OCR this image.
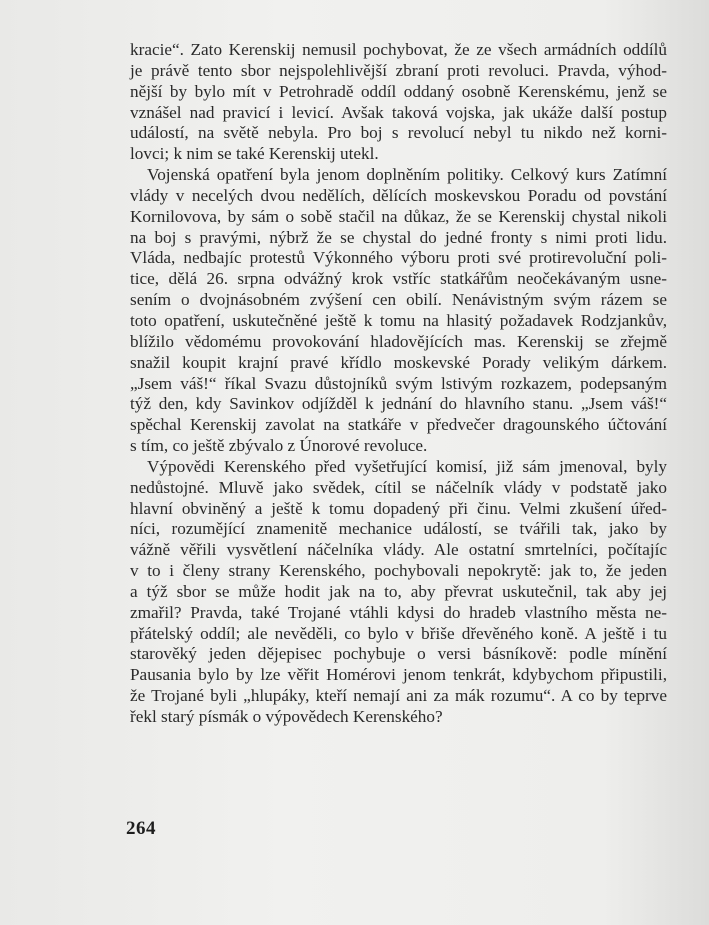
kracie“. Zato Kerenskij nemusil pochybovat, že ze všech armádních oddílů
je právě tento sbor nejspolehlivější zbraní proti revoluci. Pravda, výhod-
nější by bylo mít v Petrohradě oddíl oddaný osobně Kerenskému, jenž se
vznášel nad pravicí i levicí. Avšak taková vojska, jak ukáže další postup
událostí, na světě nebyla. Pro boj s revolucí nebyl tu nikdo než korni-
lovci; k nim se také Kerenskij utekl.
Vojenská opatření byla jenom doplněním politiky. Celkový kurs Zatímní
vlády v necelých dvou nedělích, dělících moskevskou Poradu od povstání
Kornilovova, by sám o sobě stačil na důkaz, že se Kerenskij chystal nikoli
na boj s pravými, nýbrž že se chystal do jedné fronty s nimi proti lidu.
Vláda, nedbajíc protestů Výkonného výboru proti své protirevoluční poli-
tice, dělá 26. srpna odvážný krok vstříc statkářům neočekávaným usne-
sením o dvojnásobném zvýšení cen obilí. Nenávistným svým rázem se
toto opatření, uskutečněné ještě k tomu na hlasitý požadavek Rodzjankův,
blížilo vědomému provokování hladovějících mas. Kerenskij se zřejmě
snažil koupit krajní pravé křídlo moskevské Porady velikým dárkem.
„Jsem váš!“ říkal Svazu důstojníků svým lstivým rozkazem, podepsaným
týž den, kdy Savinkov odjížděl k jednání do hlavního stanu. „Jsem váš!“
spěchal Kerenskij zavolat na statkáře v předvečer dragounského účtování
s tím, co ještě zbývalo z Únorové revoluce.
Výpovědi Kerenského před vyšetřující komisí, již sám jmenoval, byly
nedůstojné. Mluvě jako svědek, cítil se náčelník vlády v podstatě jako
hlavní obviněný a ještě k tomu dopadený při činu. Velmi zkušení úřed-
níci, rozumějící znamenitě mechanice událostí, se tvářili tak, jako by
vážně věřili vysvětlení náčelníka vlády. Ale ostatní smrtelníci, počítajíc
v to i členy strany Kerenského, pochybovali nepokrytě: jak to, že jeden
a týž sbor se může hodit jak na to, aby převrat uskutečnil, tak aby jej
zmařil? Pravda, také Trojané vtáhli kdysi do hradeb vlastního města ne-
přátelský oddíl; ale nevěděli, co bylo v břiše dřevěného koně. A ještě i tu
starověký jeden dějepisec pochybuje o versi básníkově: podle mínění
Pausania bylo by lze věřit Homérovi jenom tenkrát, kdybychom připustili,
že Trojané byli „hlupáky, kteří nemají ani za mák rozumu“. A co by teprve
řekl starý písmák o výpovědech Kerenského?
264
